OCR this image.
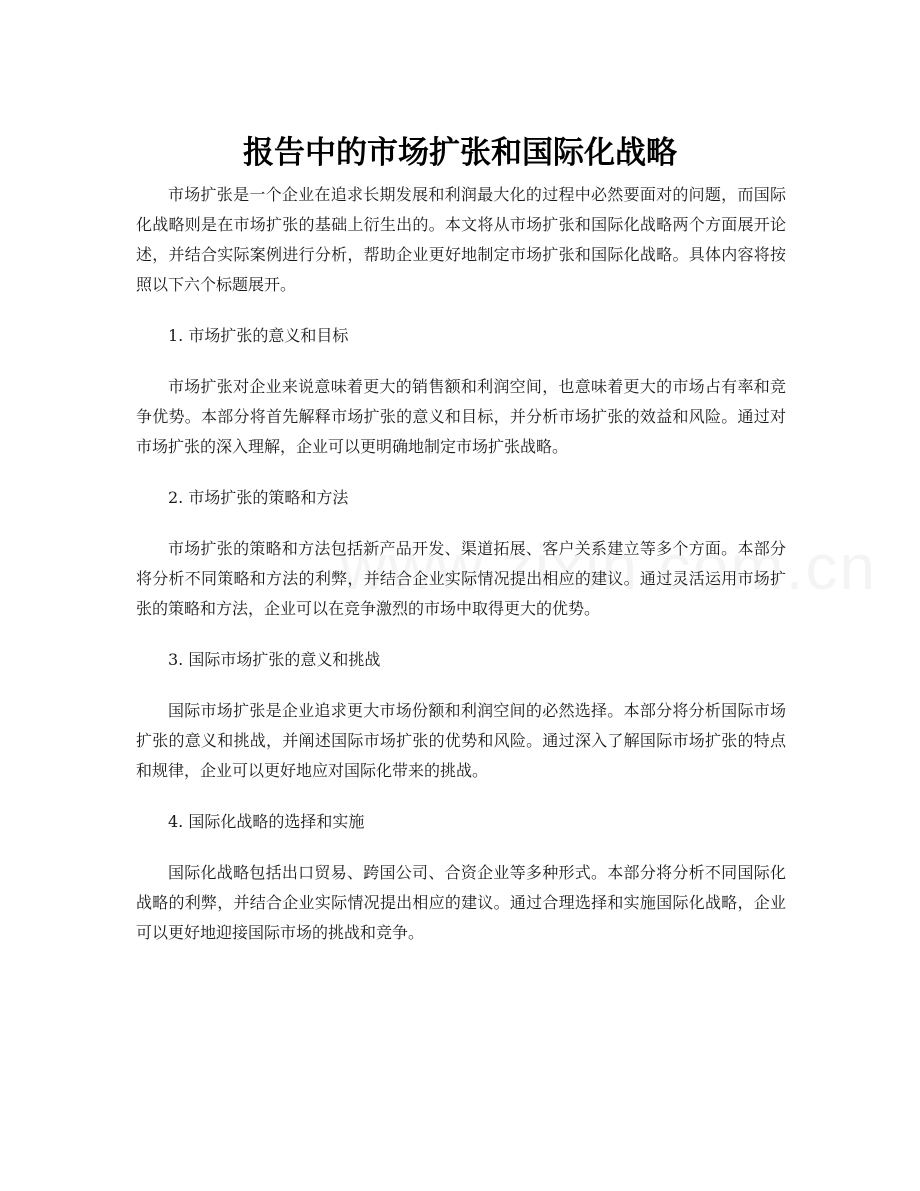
报告中的市场扩张和国际化战略

市场扩张是一个企业在追求长期发展和利润最大化的过程中必然要面对的问题，而国际化战略则是在市场扩张的基础上衍生出的。本文将从市场扩张和国际化战略两个方面展开论述，并结合实际案例进行分析，帮助企业更好地制定市场扩张和国际化战略。具体内容将按照以下六个标题展开。

1. 市场扩张的意义和目标

市场扩张对企业来说意味着更大的销售额和利润空间，也意味着更大的市场占有率和竞争优势。本部分将首先解释市场扩张的意义和目标，并分析市场扩张的效益和风险。通过对市场扩张的深入理解，企业可以更明确地制定市场扩张战略。

2. 市场扩张的策略和方法

市场扩张的策略和方法包括新产品开发、渠道拓展、客户关系建立等多个方面。本部分将分析不同策略和方法的利弊，并结合企业实际情况提出相应的建议。通过灵活运用市场扩张的策略和方法，企业可以在竞争激烈的市场中取得更大的优势。

3. 国际市场扩张的意义和挑战

国际市场扩张是企业追求更大市场份额和利润空间的必然选择。本部分将分析国际市场扩张的意义和挑战，并阐述国际市场扩张的优势和风险。通过深入了解国际市场扩张的特点和规律，企业可以更好地应对国际化带来的挑战。

4. 国际化战略的选择和实施

国际化战略包括出口贸易、跨国公司、合资企业等多种形式。本部分将分析不同国际化战略的利弊，并结合企业实际情况提出相应的建议。通过合理选择和实施国际化战略，企业可以更好地迎接国际市场的挑战和竞争。
